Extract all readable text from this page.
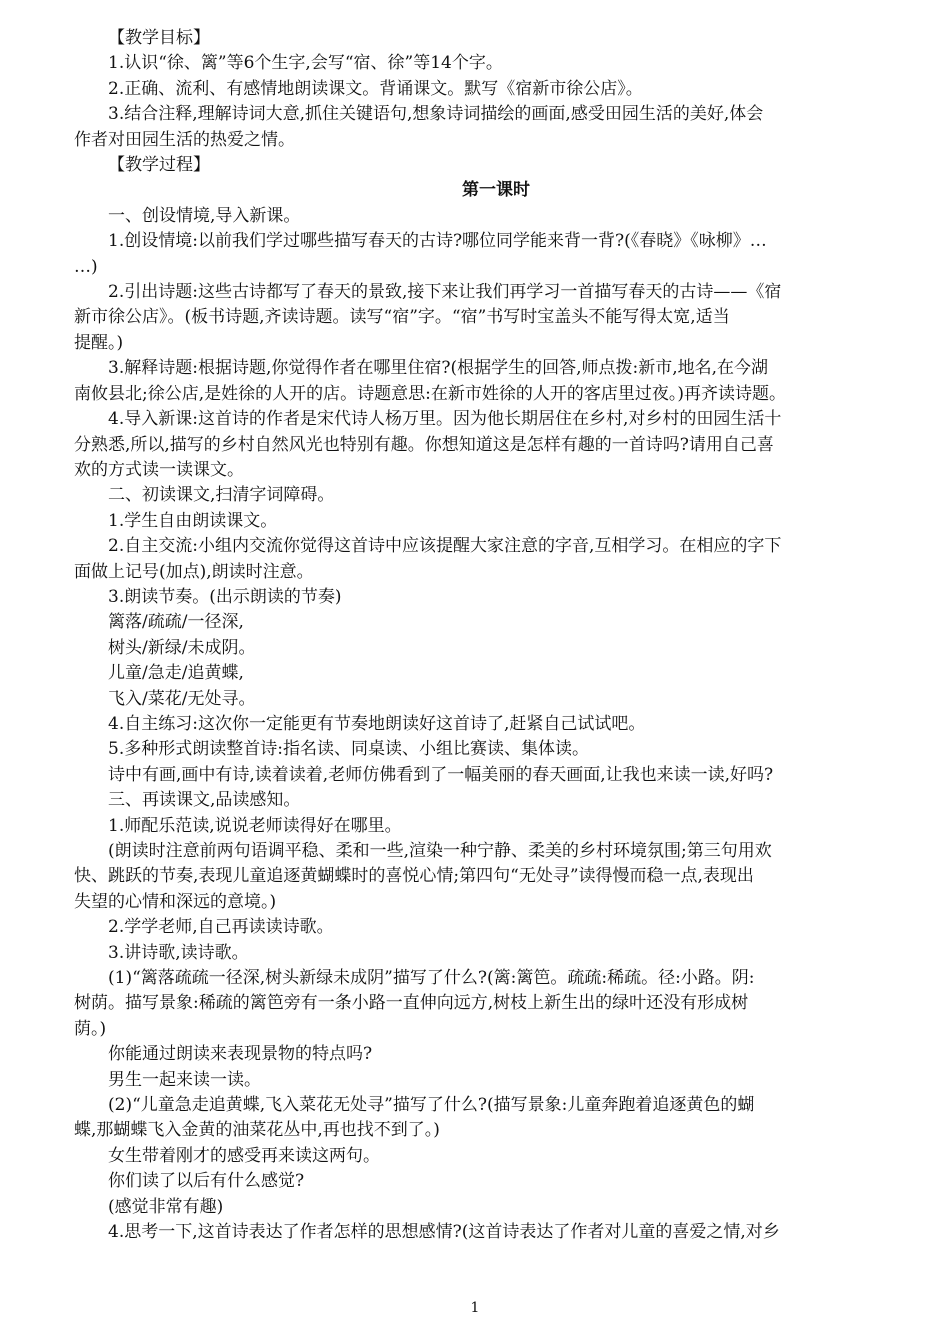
【教学目标】

1.认识“徐、篱”等6个生字,会写“宿、徐”等14个字。

2.正确、流利、有感情地朗读课文。背诵课文。默写《宿新市徐公店》。

3.结合注释,理解诗词大意,抓住关键语句,想象诗词描绘的画面,感受田园生活的美好,体会

作者对田园生活的热爱之情。

【教学过程】

第一课时

一、创设情境,导入新课。

1.创设情境:以前我们学过哪些描写春天的古诗?哪位同学能来背一背?(《春晓》《咏柳》…

…)

2.引出诗题:这些古诗都写了春天的景致,接下来让我们再学习一首描写春天的古诗——《宿

新市徐公店》。(板书诗题,齐读诗题。读写“宿”字。“宿”书写时宝盖头不能写得太宽,适当

提醒。)

3.解释诗题:根据诗题,你觉得作者在哪里住宿?(根据学生的回答,师点拨:新市,地名,在今湖

南攸县北;徐公店,是姓徐的人开的店。诗题意思:在新市姓徐的人开的客店里过夜。)再齐读诗题。

4.导入新课:这首诗的作者是宋代诗人杨万里。因为他长期居住在乡村,对乡村的田园生活十

分熟悉,所以,描写的乡村自然风光也特别有趣。你想知道这是怎样有趣的一首诗吗?请用自己喜

欢的方式读一读课文。

二、初读课文,扫清字词障碍。

1.学生自由朗读课文。

2.自主交流:小组内交流你觉得这首诗中应该提醒大家注意的字音,互相学习。在相应的字下

面做上记号(加点),朗读时注意。

3.朗读节奏。(出示朗读的节奏)

篱落/疏疏/一径深,

树头/新绿/未成阴。

儿童/急走/追黄蝶,

飞入/菜花/无处寻。

4.自主练习:这次你一定能更有节奏地朗读好这首诗了,赶紧自己试试吧。

5.多种形式朗读整首诗:指名读、同桌读、小组比赛读、集体读。

诗中有画,画中有诗,读着读着,老师仿佛看到了一幅美丽的春天画面,让我也来读一读,好吗?

三、再读课文,品读感知。

1.师配乐范读,说说老师读得好在哪里。

(朗读时注意前两句语调平稳、柔和一些,渲染一种宁静、柔美的乡村环境氛围;第三句用欢

快、跳跃的节奏,表现儿童追逐黄蝴蝶时的喜悦心情;第四句“无处寻”读得慢而稳一点,表现出

失望的心情和深远的意境。)

2.学学老师,自己再读读诗歌。

3.讲诗歌,读诗歌。

(1)“篱落疏疏一径深,树头新绿未成阴”描写了什么?(篱:篱笆。疏疏:稀疏。径:小路。阴:

树荫。描写景象:稀疏的篱笆旁有一条小路一直伸向远方,树枝上新生出的绿叶还没有形成树

荫。)

你能通过朗读来表现景物的特点吗?

男生一起来读一读。

(2)“儿童急走追黄蝶,飞入菜花无处寻”描写了什么?(描写景象:儿童奔跑着追逐黄色的蝴

蝶,那蝴蝶飞入金黄的油菜花丛中,再也找不到了。)

女生带着刚才的感受再来读这两句。

你们读了以后有什么感觉?

(感觉非常有趣)

4.思考一下,这首诗表达了作者怎样的思想感情?(这首诗表达了作者对儿童的喜爱之情,对乡

1
